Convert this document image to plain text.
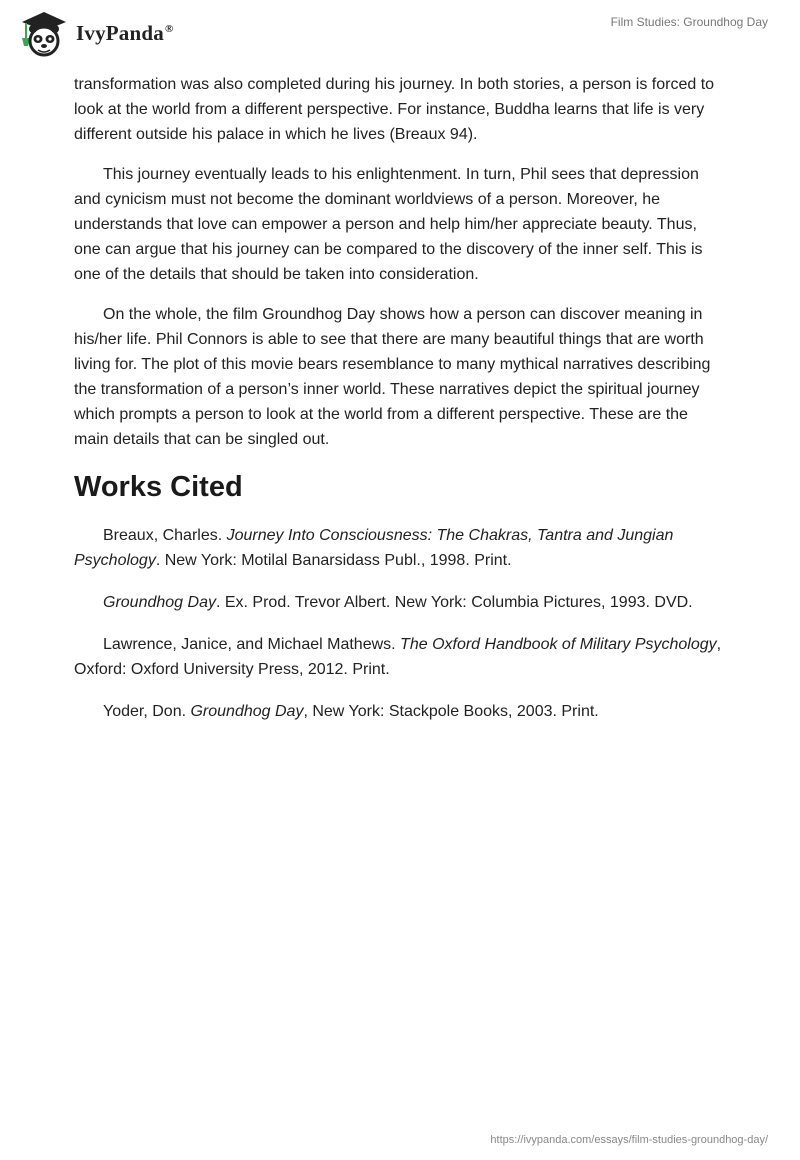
IvyPanda®	Film Studies: Groundhog Day

transformation was also completed during his journey. In both stories, a person is forced to look at the world from a different perspective. For instance, Buddha learns that life is very different outside his palace in which he lives (Breaux 94).

This journey eventually leads to his enlightenment. In turn, Phil sees that depression and cynicism must not become the dominant worldviews of a person. Moreover, he understands that love can empower a person and help him/her appreciate beauty. Thus, one can argue that his journey can be compared to the discovery of the inner self. This is one of the details that should be taken into consideration.

On the whole, the film Groundhog Day shows how a person can discover meaning in his/her life. Phil Connors is able to see that there are many beautiful things that are worth living for. The plot of this movie bears resemblance to many mythical narratives describing the transformation of a person’s inner world. These narratives depict the spiritual journey which prompts a person to look at the world from a different perspective. These are the main details that can be singled out.

Works Cited

Breaux, Charles. Journey Into Consciousness: The Chakras, Tantra and Jungian Psychology. New York: Motilal Banarsidass Publ., 1998. Print.

Groundhog Day. Ex. Prod. Trevor Albert. New York: Columbia Pictures, 1993. DVD.

Lawrence, Janice, and Michael Mathews. The Oxford Handbook of Military Psychology, Oxford: Oxford University Press, 2012. Print.

Yoder, Don. Groundhog Day, New York: Stackpole Books, 2003. Print.

https://ivypanda.com/essays/film-studies-groundhog-day/
